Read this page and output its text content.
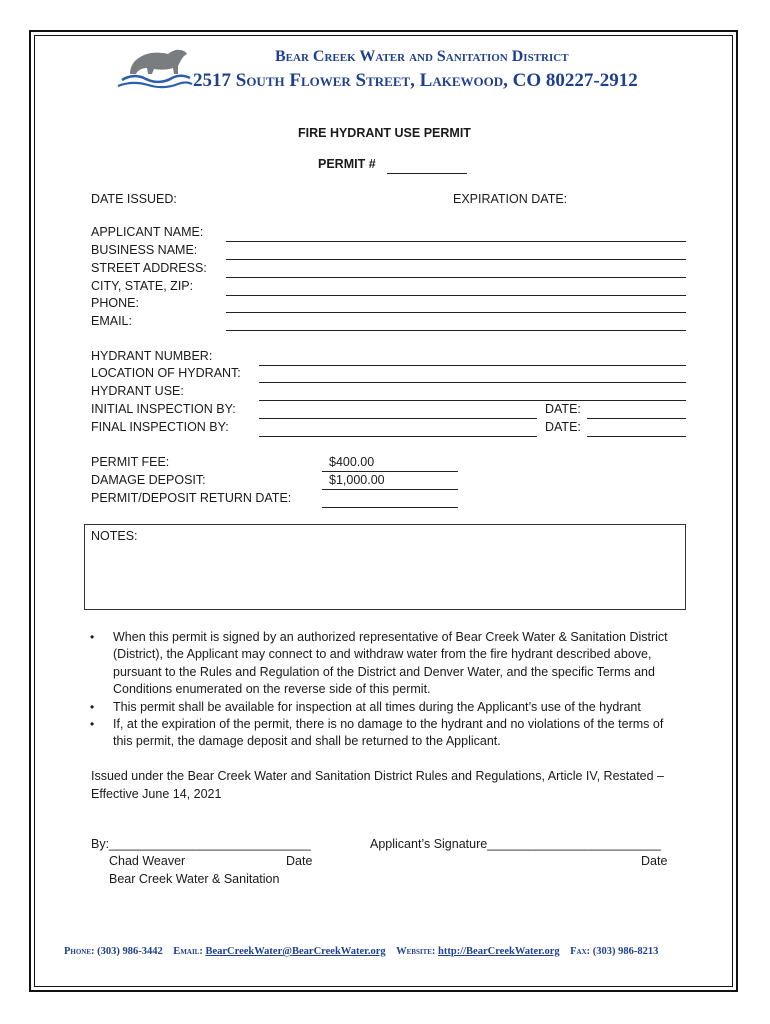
Bear Creek Water and Sanitation District
2517 South Flower Street, Lakewood, CO 80227-2912
FIRE HYDRANT USE PERMIT
PERMIT #
DATE ISSUED:	EXPIRATION DATE:
APPLICANT NAME:
BUSINESS NAME:
STREET ADDRESS:
CITY, STATE, ZIP:
PHONE:
EMAIL:
HYDRANT NUMBER:
LOCATION OF HYDRANT:
HYDRANT USE:
INITIAL INSPECTION BY:	DATE:
FINAL INSPECTION BY:	DATE:
PERMIT FEE:	$400.00
DAMAGE DEPOSIT:	$1,000.00
PERMIT/DEPOSIT RETURN DATE:
NOTES:
• When this permit is signed by an authorized representative of Bear Creek Water & Sanitation District (District), the Applicant may connect to and withdraw water from the fire hydrant described above, pursuant to the Rules and Regulation of the District and Denver Water, and the specific Terms and Conditions enumerated on the reverse side of this permit.
• This permit shall be available for inspection at all times during the Applicant’s use of the hydrant
• If, at the expiration of the permit, there is no damage to the hydrant and no violations of the terms of this permit, the damage deposit and shall be returned to the Applicant.
Issued under the Bear Creek Water and Sanitation District Rules and Regulations, Article IV, Restated – Effective June 14, 2021
By:_____________________________
Chad Weaver	Date
Bear Creek Water & Sanitation
Applicant’s Signature_________________________
Date
Phone: (303) 986-3442 Email: BearCreekWater@BearCreekWater.org Website: http://BearCreekWater.org Fax: (303) 986-8213
